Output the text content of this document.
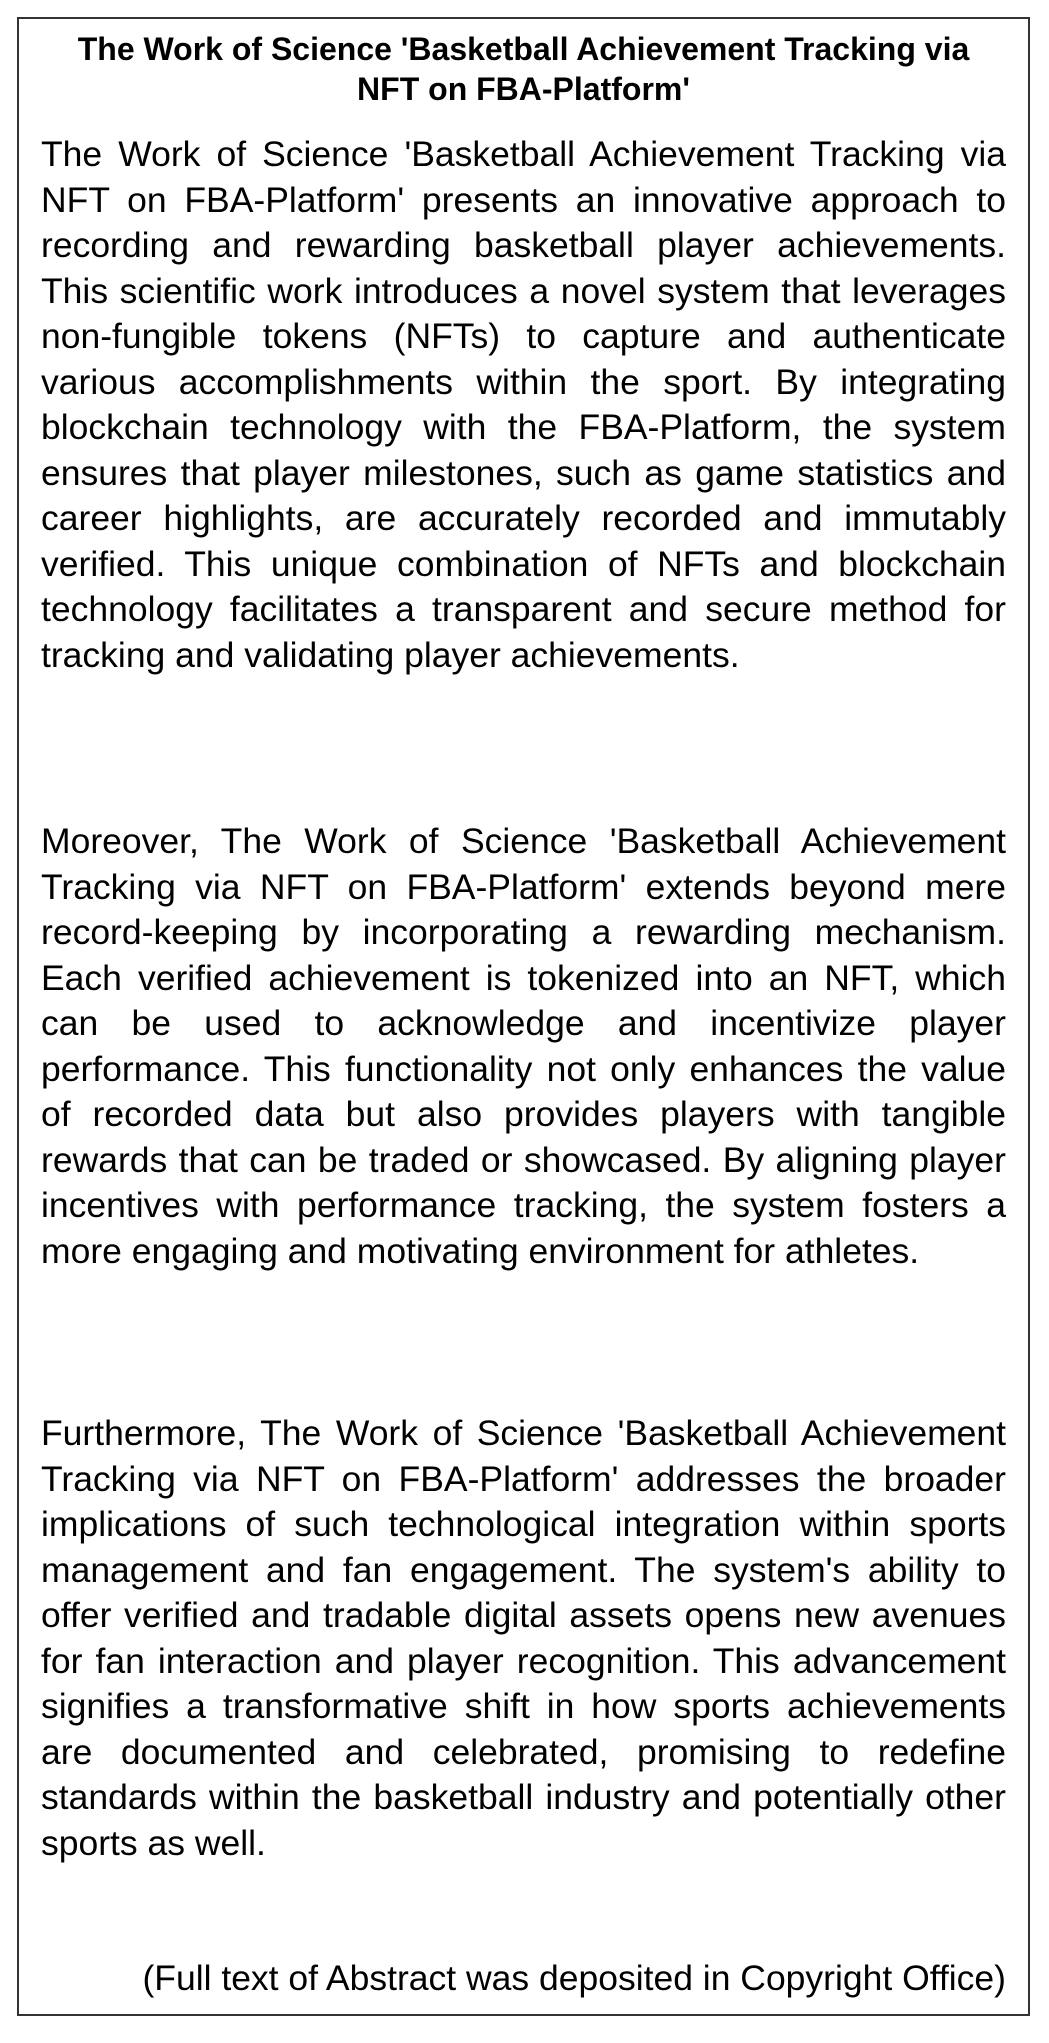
The Work of Science 'Basketball Achievement Tracking via NFT on FBA-Platform'

The Work of Science 'Basketball Achievement Tracking via NFT on FBA-Platform' presents an innovative approach to recording and rewarding basketball player achievements. This scientific work introduces a novel system that leverages non-fungible tokens (NFTs) to capture and authenticate various accomplishments within the sport. By integrating blockchain technology with the FBA-Platform, the system ensures that player milestones, such as game statistics and career highlights, are accurately recorded and immutably verified. This unique combination of NFTs and blockchain technology facilitates a transparent and secure method for tracking and validating player achievements.

Moreover, The Work of Science 'Basketball Achievement Tracking via NFT on FBA-Platform' extends beyond mere record-keeping by incorporating a rewarding mechanism. Each verified achievement is tokenized into an NFT, which can be used to acknowledge and incentivize player performance. This functionality not only enhances the value of recorded data but also provides players with tangible rewards that can be traded or showcased. By aligning player incentives with performance tracking, the system fosters a more engaging and motivating environment for athletes.

Furthermore, The Work of Science 'Basketball Achievement Tracking via NFT on FBA-Platform' addresses the broader implications of such technological integration within sports management and fan engagement. The system's ability to offer verified and tradable digital assets opens new avenues for fan interaction and player recognition. This advancement signifies a transformative shift in how sports achievements are documented and celebrated, promising to redefine standards within the basketball industry and potentially other sports as well.

(Full text of Abstract was deposited in Copyright Office)
